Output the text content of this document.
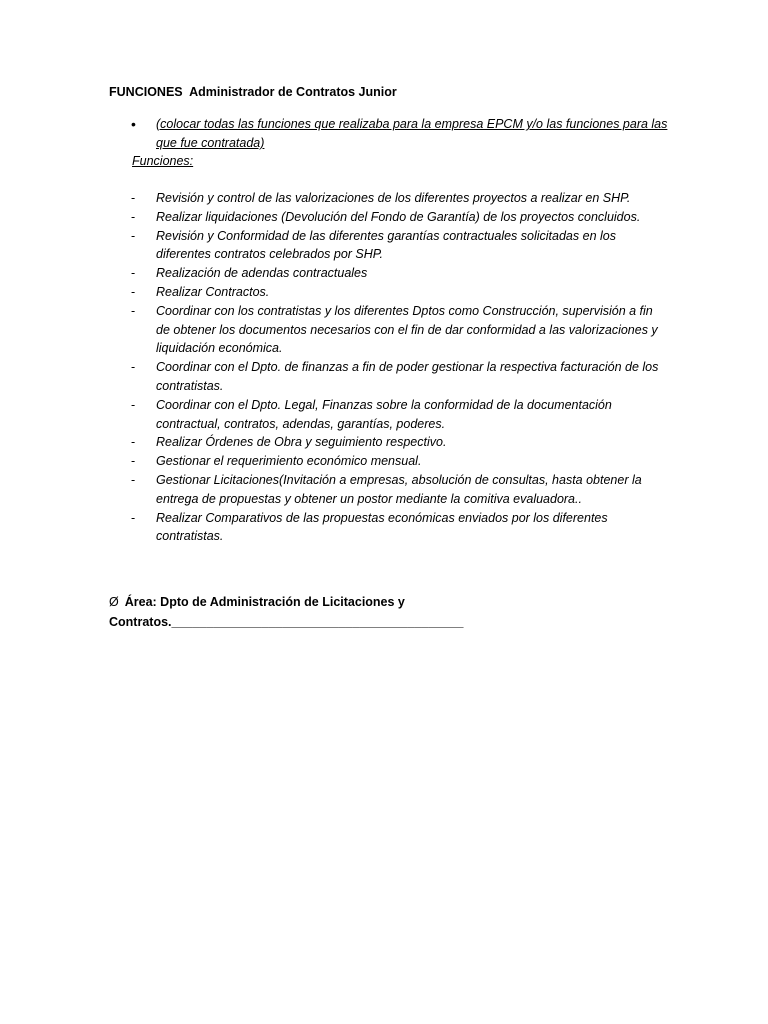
FUNCIONES  Administrador de Contratos Junior
• (colocar todas las funciones que realizaba para la empresa EPCM y/o las funciones para las que fue contratada)
Funciones:
- Revisión y control de las valorizaciones de los diferentes proyectos a realizar en SHP.
- Realizar liquidaciones (Devolución del Fondo de Garantía) de los proyectos concluidos.
- Revisión y Conformidad de las diferentes garantías contractuales solicitadas en los diferentes contratos celebrados por SHP.
- Realización de adendas contractuales
- Realizar Contractos.
- Coordinar con los contratistas y los diferentes Dptos como Construcción, supervisión a fin de obtener los documentos necesarios con el fin de dar conformidad a las valorizaciones y liquidación económica.
- Coordinar con el Dpto. de finanzas a fin de poder gestionar la respectiva facturación de los contratistas.
- Coordinar con el Dpto. Legal, Finanzas sobre la conformidad de la documentación contractual, contratos, adendas, garantías, poderes.
- Realizar Órdenes de Obra y seguimiento respectivo.
- Gestionar el requerimiento económico mensual.
- Gestionar Licitaciones(Invitación a empresas, absolución de consultas, hasta obtener la entrega de propuestas y obtener un postor mediante la comitiva evaluadora..
- Realizar Comparativos de las propuestas económicas enviados por los diferentes contratistas.
Ø Área: Dpto de Administración de Licitaciones y Contratos.__________________________________________
